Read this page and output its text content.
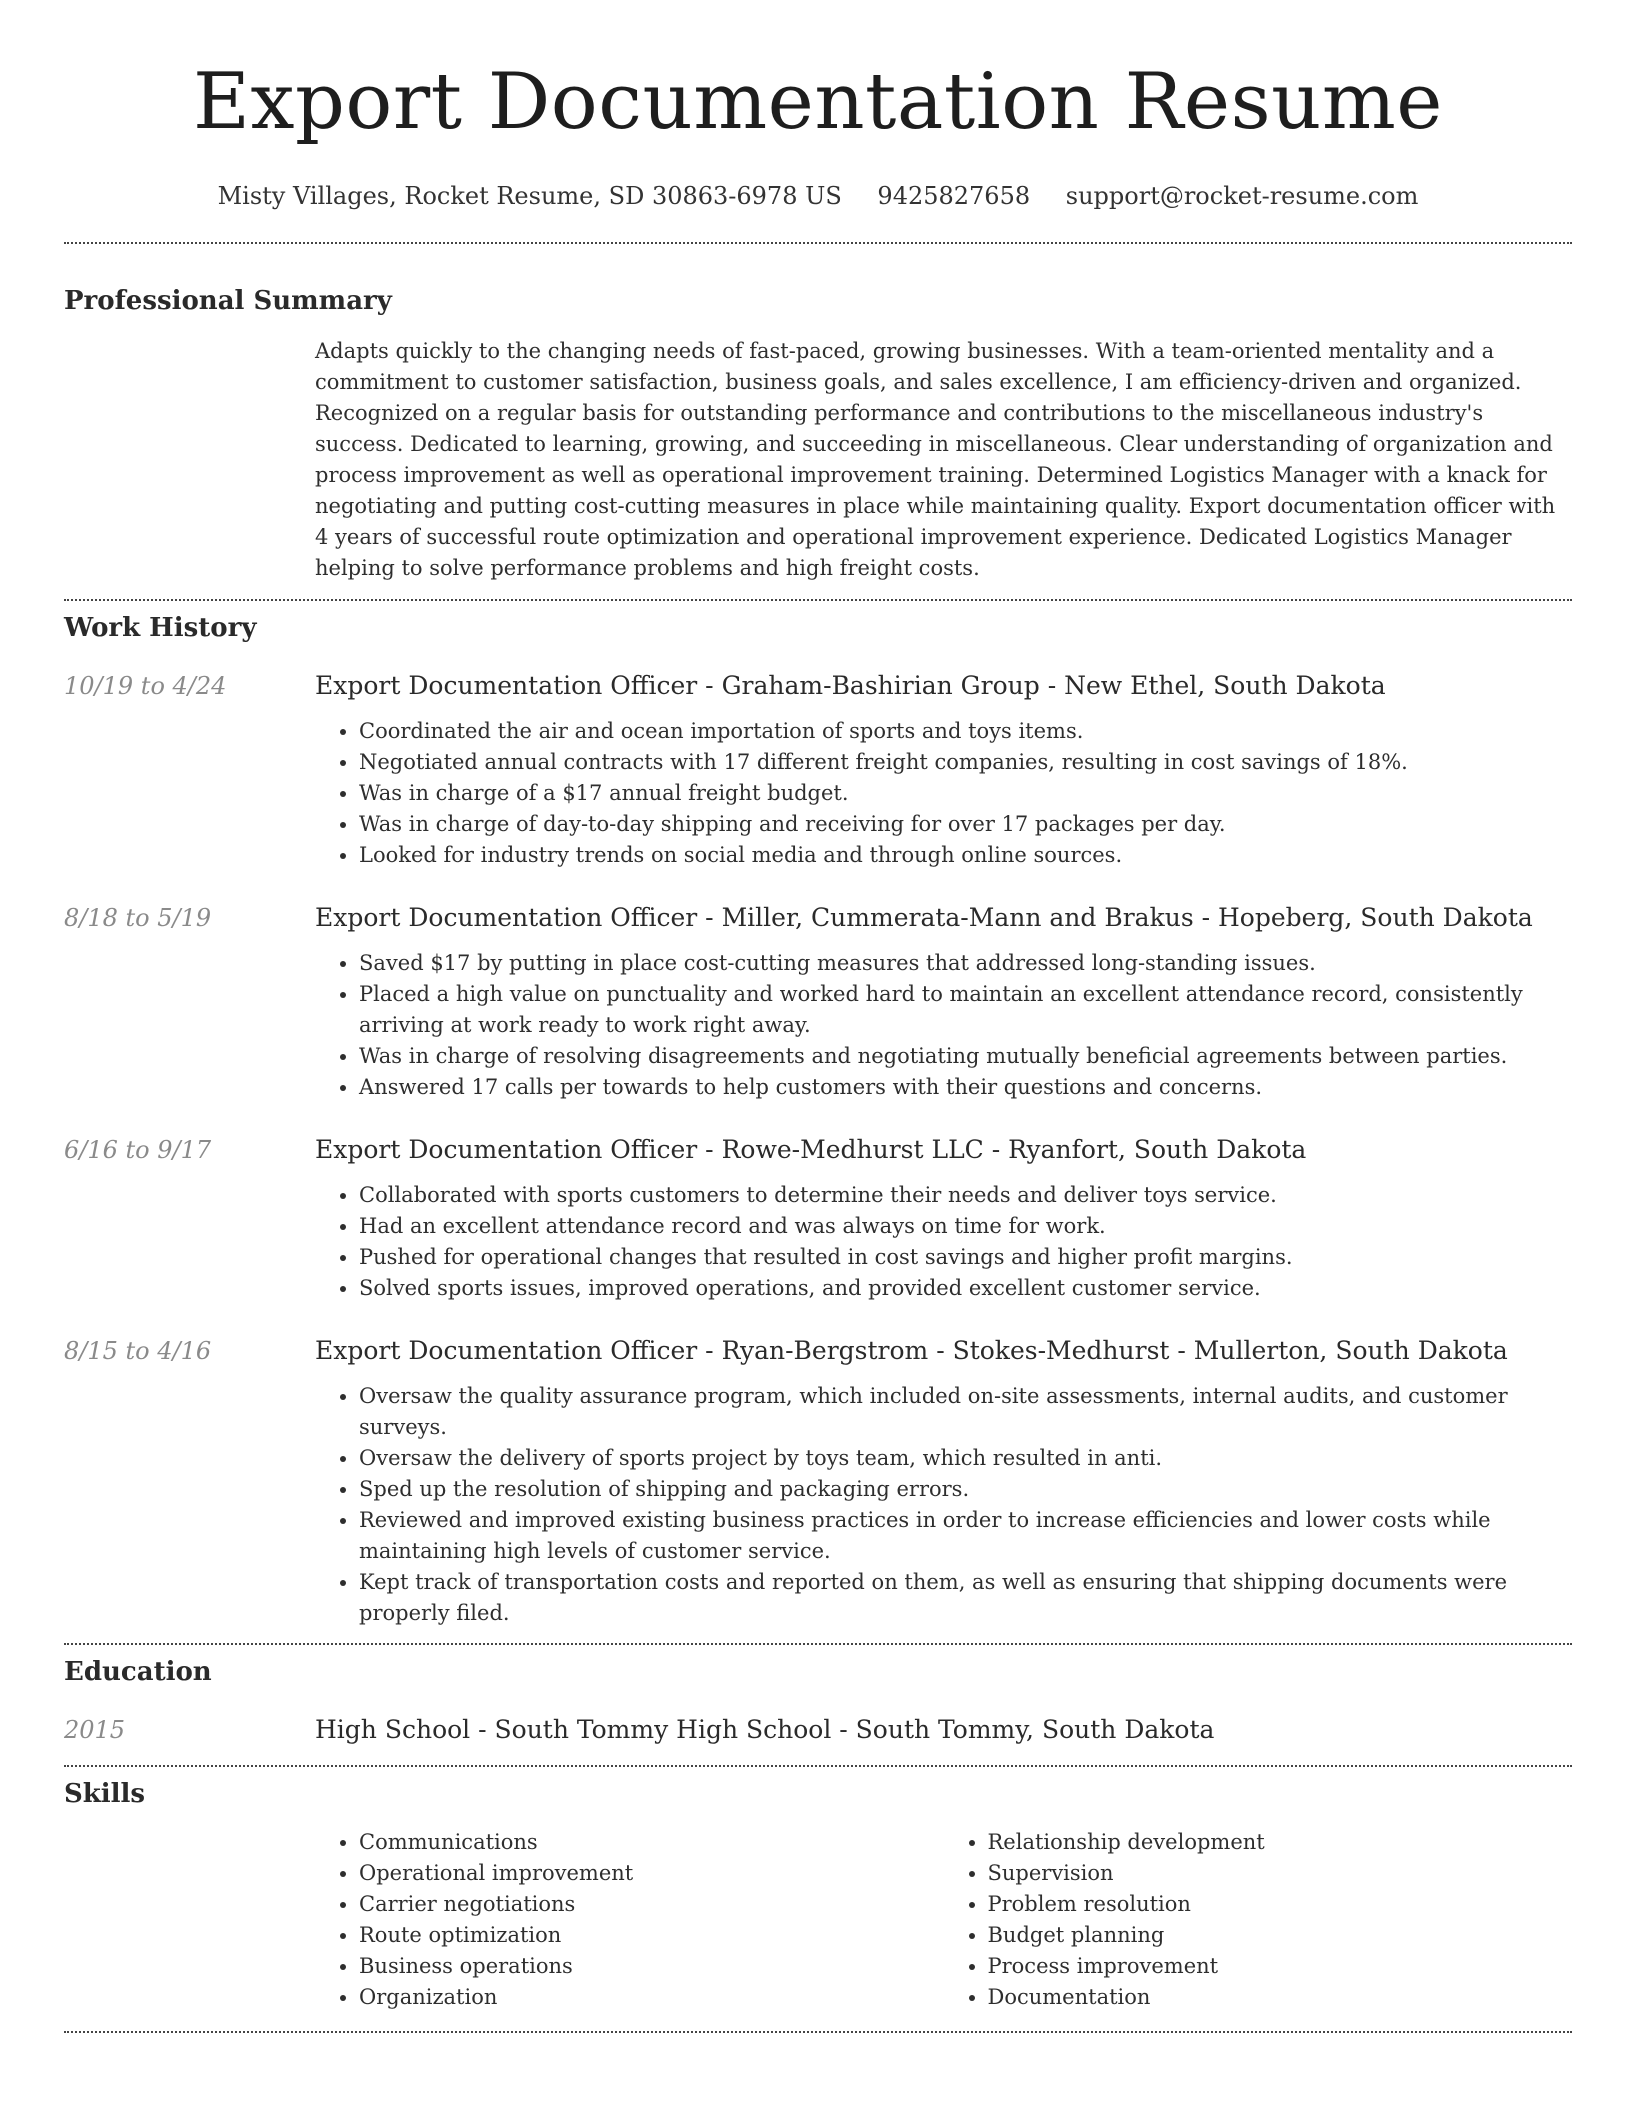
Export Documentation Resume
Misty Villages, Rocket Resume, SD 30863-6978 US 9425827658 support@rocket-resume.com
Professional Summary

Adapts quickly to the changing needs of fast-paced, growing businesses. With a team-oriented mentality and a commitment to customer satisfaction, business goals, and sales excellence, I am efficiency-driven and organized. Recognized on a regular basis for outstanding performance and contributions to the miscellaneous industry's success. Dedicated to learning, growing, and succeeding in miscellaneous. Clear understanding of organization and process improvement as well as operational improvement training. Determined Logistics Manager with a knack for negotiating and putting cost-cutting measures in place while maintaining quality. Export documentation officer with 4 years of successful route optimization and operational improvement experience. Dedicated Logistics Manager helping to solve performance problems and high freight costs.

Work History
10/19 to 4/24	Export Documentation Officer - Graham-Bashirian Group - New Ethel, South Dakota

• Coordinated the air and ocean importation of sports and toys items.
• Negotiated annual contracts with 17 different freight companies, resulting in cost savings of 18%.
• Was in charge of a $17 annual freight budget.
• Was in charge of day-to-day shipping and receiving for over 17 packages per day.
• Looked for industry trends on social media and through online sources.
8/18 to 5/19	Export Documentation Officer - Miller, Cummerata-Mann and Brakus - Hopeberg, South Dakota

• Saved $17 by putting in place cost-cutting measures that addressed long-standing issues.
• Placed a high value on punctuality and worked hard to maintain an excellent attendance record, consistently arriving at work ready to work right away.
• Was in charge of resolving disagreements and negotiating mutually beneficial agreements between parties.
• Answered 17 calls per towards to help customers with their questions and concerns.
6/16 to 9/17	Export Documentation Officer - Rowe-Medhurst LLC - Ryanfort, South Dakota

• Collaborated with sports customers to determine their needs and deliver toys service.
• Had an excellent attendance record and was always on time for work.
• Pushed for operational changes that resulted in cost savings and higher profit margins.
• Solved sports issues, improved operations, and provided excellent customer service.
8/15 to 4/16	Export Documentation Officer - Ryan-Bergstrom - Stokes-Medhurst - Mullerton, South Dakota

• Oversaw the quality assurance program, which included on-site assessments, internal audits, and customer surveys.
• Oversaw the delivery of sports project by toys team, which resulted in anti.
• Sped up the resolution of shipping and packaging errors.
• Reviewed and improved existing business practices in order to increase efficiencies and lower costs while maintaining high levels of customer service.
• Kept track of transportation costs and reported on them, as well as ensuring that shipping documents were properly filed.
Education
2015	High School - South Tommy High School - South Tommy, South Dakota

Skills
• Communications
• Operational improvement
• Carrier negotiations
• Route optimization
• Business operations
• Organization
• Relationship development
• Supervision
• Problem resolution
• Budget planning
• Process improvement
• Documentation
